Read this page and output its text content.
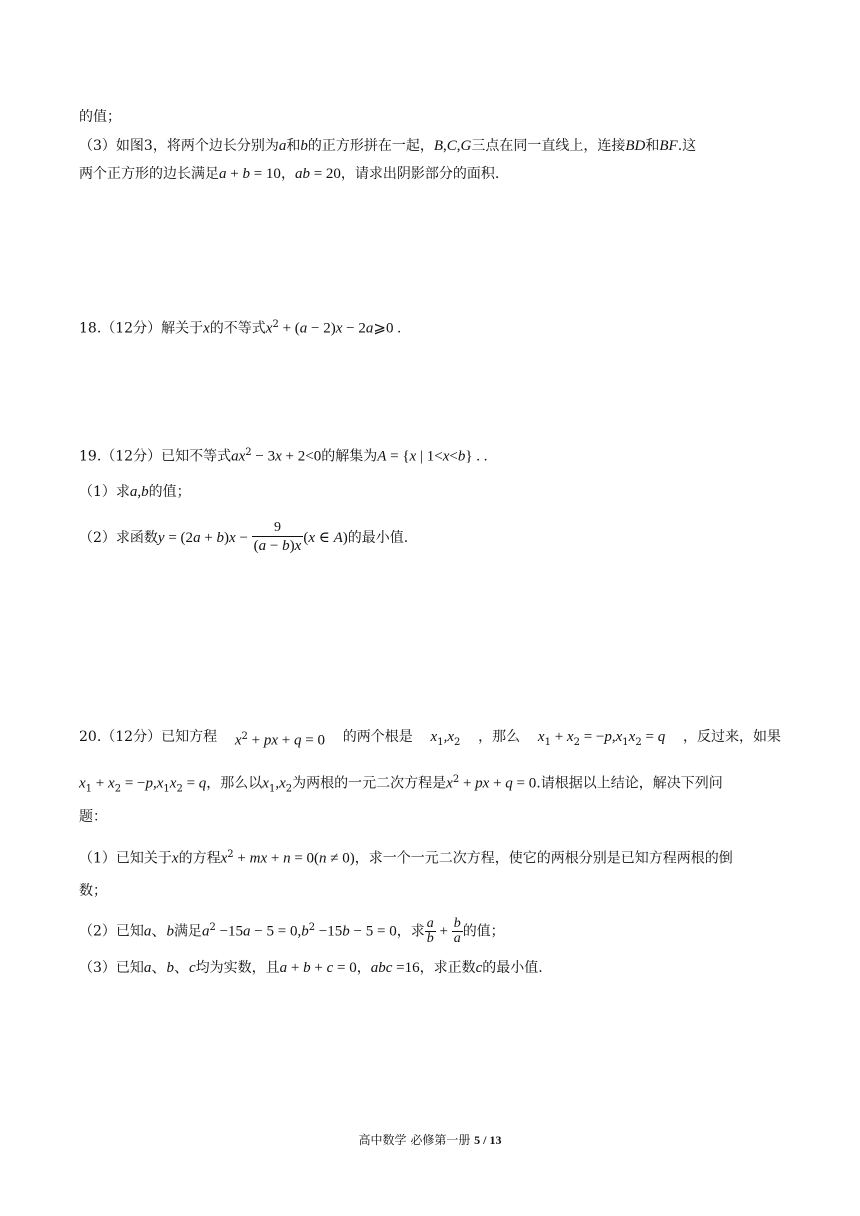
的值；
（3）如图3，将两个边长分别为a和b的正方形拼在一起，B,C,G三点在同一直线上，连接BD和BF.这
两个正方形的边长满足a + b = 10，ab = 20，请求出阴影部分的面积.
18.（12分）解关于x的不等式$x^2 + (a - 2)x$ − 2a⩾0 .
19.（12分）已知不等式$ax^2 - 3x + 2<0$的解集为A = {x | 1<x<b} . .
（1）求a,b的值；
（2）求函数$y = (2a + b)x - \frac{9}{(a - b)x} (x$ ∈ A)的最小值.
20.（12分）已知方程 $x^2$ + px + q = 0 的两个根是 $x_1,x_2$ ，那么 $x_1 + x_2 = -p,x_1x_2 = q$ ，反过来，如果
$x_1 + x_2 = -p,x_1x_2 = q$，那么以$x_1,x_2$为两根的一元二次方程是$x^2$ + px + q = 0.请根据以上结论，解决下列问
题：
（1）已知关于x的方程$x^2$ + mx + n = 0(n ≠ 0)，求一个一元二次方程，使它的两根分别是已知方程两根的倒
数；
（2）已知a、b满足$a^2 -15a - 5 = 0,b^2 -15b - 5 = 0$，求 $\frac{a}{b} + \frac{b}{a}$ 的值；
（3）已知a、b、c均为实数，且a + b + c = 0，abc =16，求正数c的最小值.
高中数学 必修第一册 5 / 13
